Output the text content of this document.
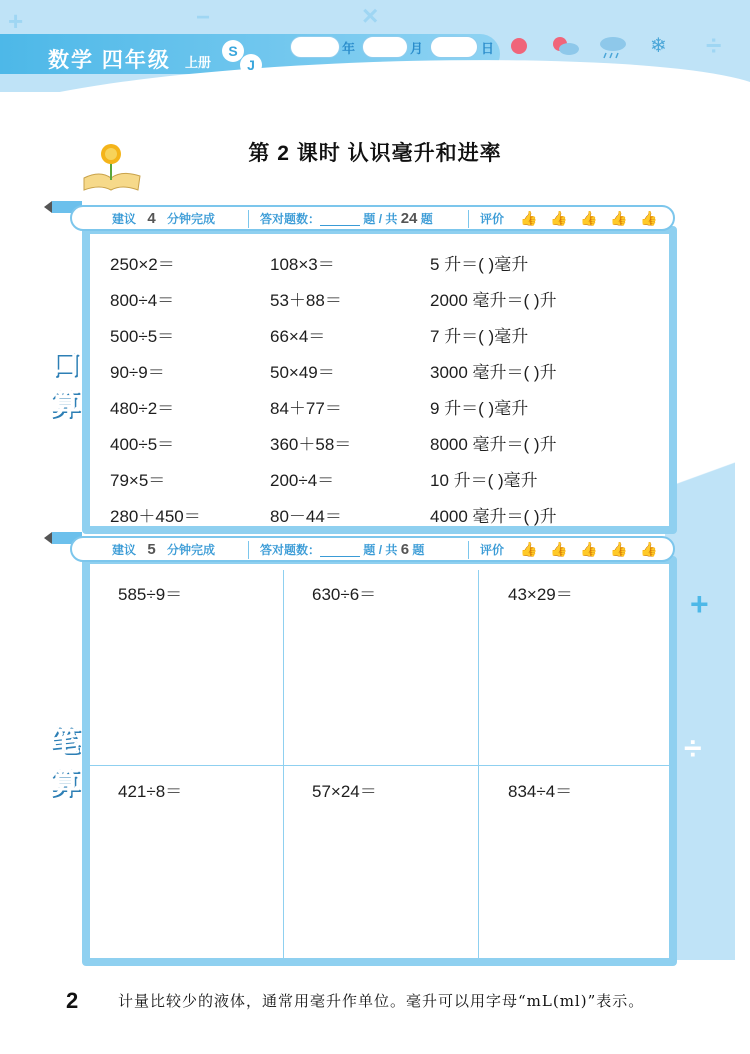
+	−	×
÷
数学 四年级 上册
S
J
年	月	日	❄
第 2 课时 认识毫升和进率
+
÷
建议 4 分钟完成	答对题数：	题 / 共 24 题	评价 👍 👍 👍 👍 👍
口
算
250×2＝	108×3＝	5 升＝( )毫升
800÷4＝	53＋88＝	2000 毫升＝( )升
500÷5＝	66×4＝	7 升＝( )毫升
90÷9＝	50×49＝	3000 毫升＝( )升
480÷2＝	84＋77＝	9 升＝( )毫升
400÷5＝	360＋58＝	8000 毫升＝( )升
79×5＝	200÷4＝	10 升＝( )毫升
280＋450＝	80－44＝	4000 毫升＝( )升
建议 5 分钟完成	答对题数：	题 / 共 6 题	评价 👍 👍 👍 👍 👍
笔
算
585÷9＝	630÷6＝	43×29＝
421÷8＝	57×24＝	834÷4＝
2	计量比较少的液体，通常用毫升作单位。毫升可以用字母“mL(ml)”表示。
